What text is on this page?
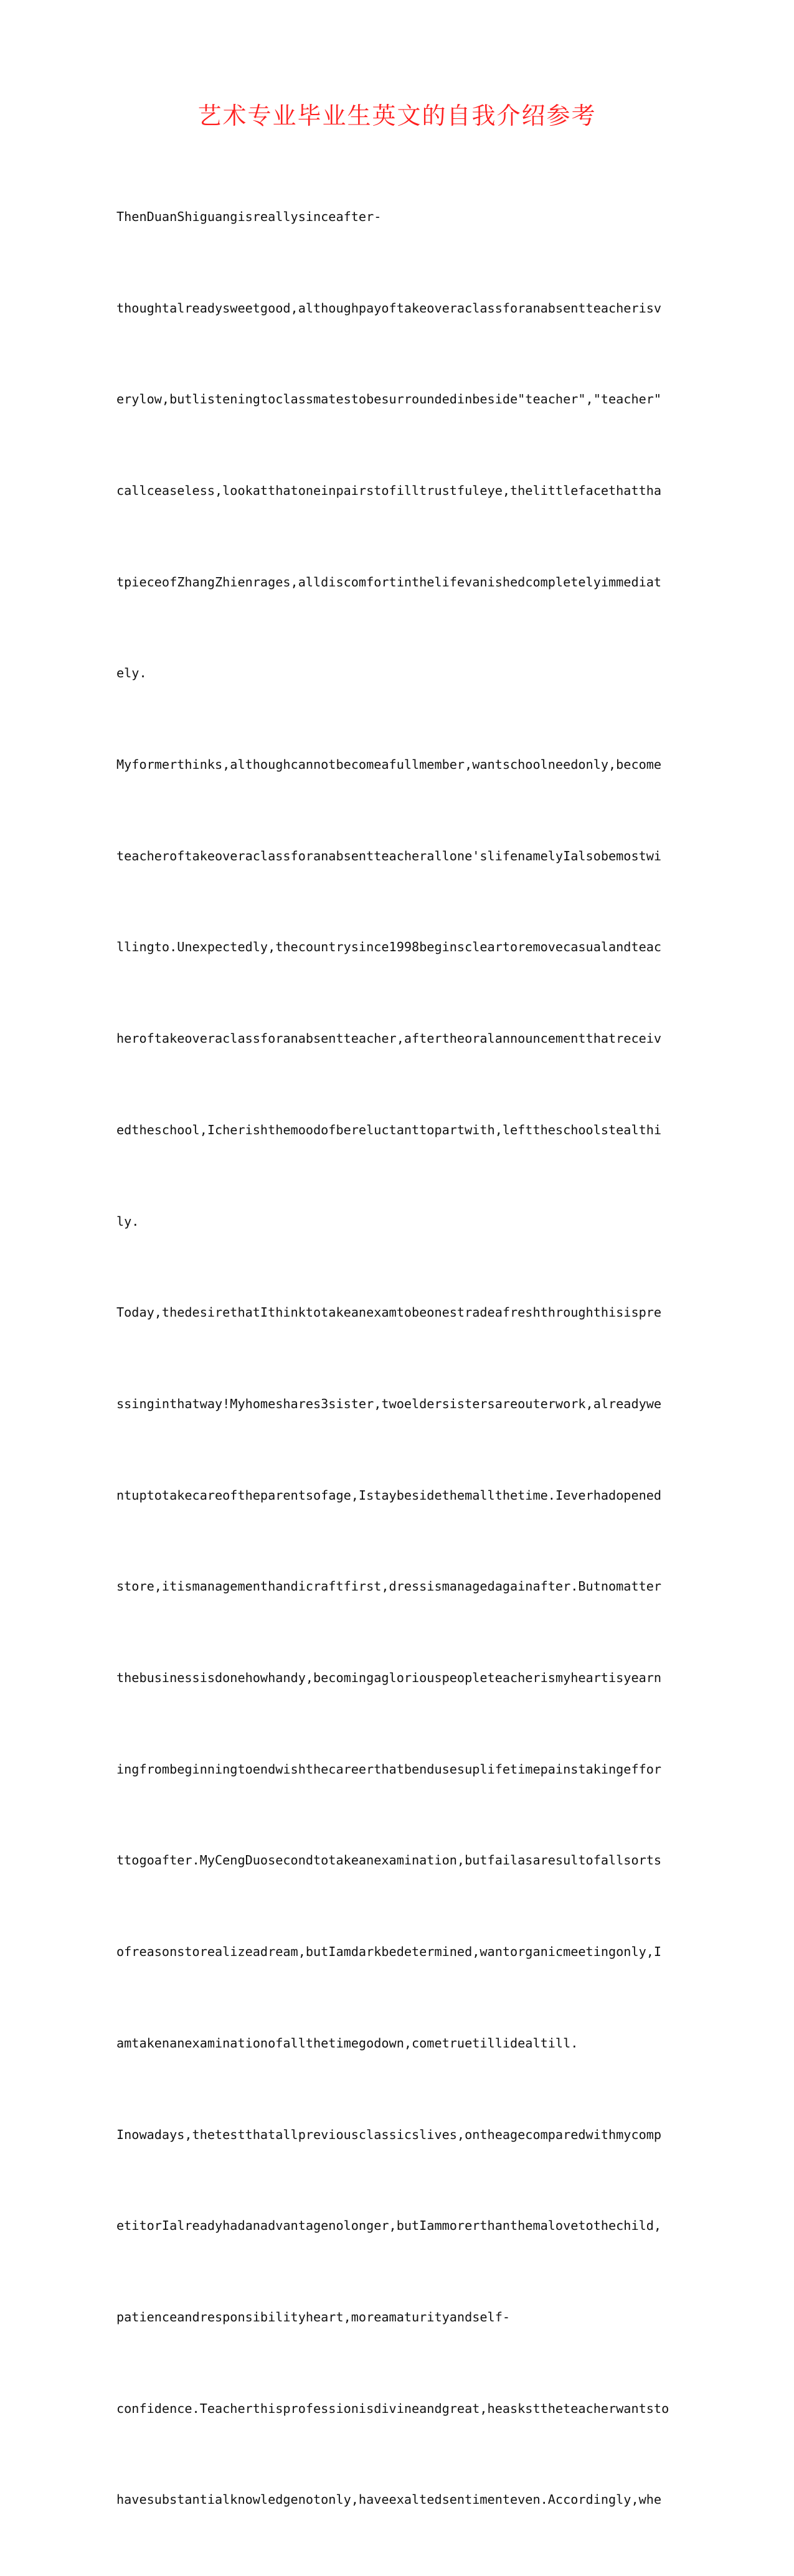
艺术专业毕业生英文的自我介绍参考

ThenDuanShiguangisreallysinceafter-

thoughtalreadysweetgood,althoughpayoftakeoveraclassforanabsentteacherisv

erylow,butlisteningtoclassmatestobesurroundedinbeside"teacher","teacher"

callceaseless,lookatthatoneinpairstofilltrustfuleye,thelittlefacethattha

tpieceofZhangZhienrages,alldiscomfortinthelifevanishedcompletelyimmediat

ely.

Myformerthinks,althoughcannotbecomeafullmember,wantschoolneedonly,become

teacheroftakeoveraclassforanabsentteacherallone'slifenamelyIalsobemostwi

llingto.Unexpectedly,thecountrysince1998beginscleartoremovecasualandteac

heroftakeoveraclassforanabsentteacher,aftertheoralannouncementthatreceiv

edtheschool,Icherishthemoodofbereluctanttopartwith,lefttheschoolstealthi

ly.

Today,thedesirethatIthinktotakeanexamtobeonestradeafreshthroughthisispre

ssinginthatway!Myhomeshares3sister,twoeldersistersareouterwork,alreadywe

ntuptotakecareoftheparentsofage,Istaybesidethemallthetime.Ieverhadopened

store,itismanagementhandicraftfirst,dressismanagedagainafter.Butnomatter

thebusinessisdonehowhandy,becomingagloriouspeopleteacherismyheartisyearn

ingfrombeginningtoendwishthecareerthatbendusesuplifetimepainstakingeffor

ttogoafter.MyCengDuosecondtotakeanexamination,butfailasaresultofallsorts

ofreasonstorealizeadream,butIamdarkbedetermined,wantorganicmeetingonly,I

amtakenanexaminationofallthetimegodown,cometruetillidealtill.

Inowadays,thetestthatallpreviousclassicslives,ontheagecomparedwithmycomp

etitorIalreadyhadanadvantagenolonger,butIammorerthanthemalovetothechild,

patienceandresponsibilityheart,moreamaturityandself-

confidence.Teacherthisprofessionisdivineandgreat,heasksttheteacherwantsto

havesubstantialknowledgenotonly,haveexaltedsentimenteven.Accordingly,whe
